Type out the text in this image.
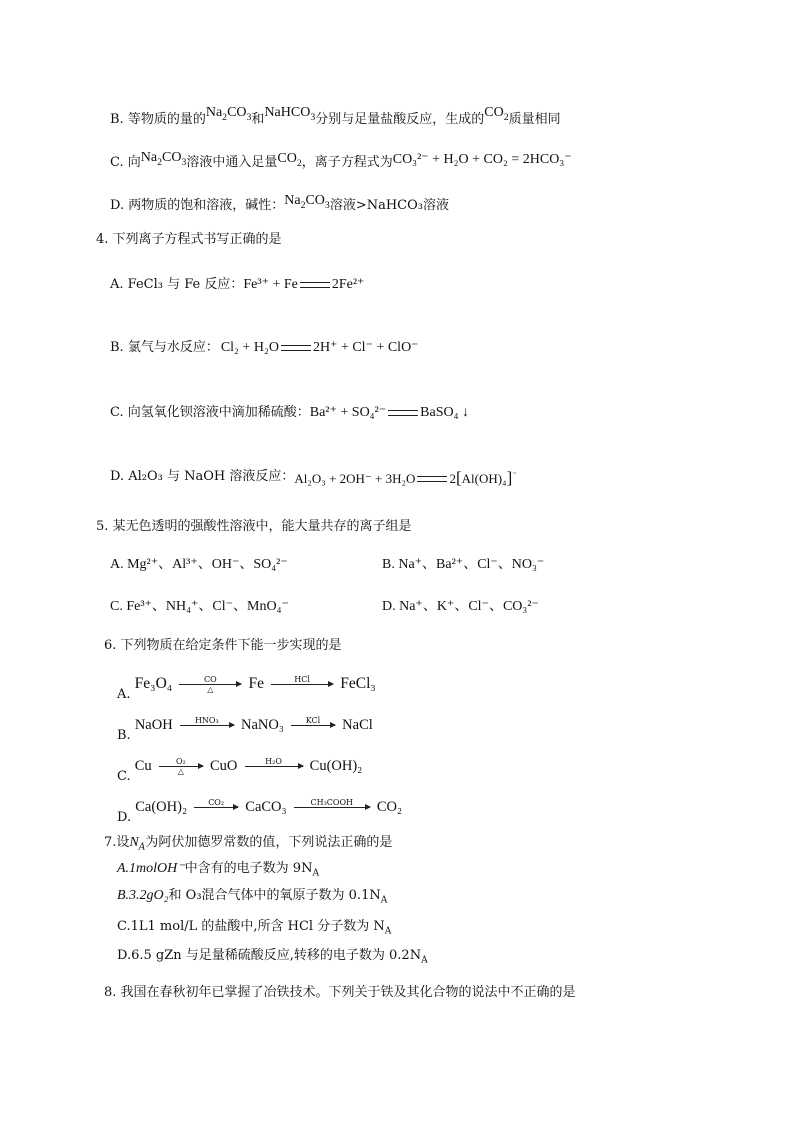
B. 等物质的量的$Na_2CO_3$和NaHCO$_3$分别与足量盐酸反应，生成的$CO_2$质量相同
C. 向$Na_2CO_3$溶液中通入足量$CO_2$，离子方程式为CO₃²⁻ + H₂O + CO₂ = 2HCO₃⁻
D. 两物质的饱和溶液，碱性：$Na_2CO_3$溶液>NaHCO₃溶液
4. 下列离子方程式书写正确的是
A. FeCl₃ 与 Fe 反应：Fe³⁺ + Fe 2Fe²⁺
B. 氯气与水反应： Cl₂ + H₂O 2H⁺ + Cl⁻ + ClO⁻
C. 向氢氧化钡溶液中滴加稀硫酸：Ba²⁺ + SO₄²⁻ BaSO₄ ↓
D. Al₂O₃ 与 NaOH 溶液反应：Al₂O₃ + 2OH⁻ + 3H₂O	2[Al(OH)₄]⁻
5. 某无色透明的强酸性溶液中，能大量共存的离子组是
A. Mg²⁺、Al³⁺、OH⁻、SO₄²⁻	B. Na⁺、Ba²⁺、Cl⁻、NO₃⁻
C. Fe³⁺、NH₄⁺、Cl⁻、MnO₄⁻	D. Na⁺、K⁺、Cl⁻、CO₃²⁻
6. 下列物质在给定条件下能一步实现的是
A. Fe₃O₄	CO
△	Fe	HCl
	FeCl₃
B. NaOH	HNO₃
	NaNO₃	KCl
	NaCl
C. Cu	O₂
△	CuO	H₂O
	Cu(OH)₂
D. Ca(OH)₂	CO₂
	CaCO₃	CH₃COOH
	CO₂
7.设$N_A$为阿伏加德罗常数的值，下列说法正确的是
A.1molOH⁻中含有的电子数为 $9N_A$
B.3.2gO₂和 O₃混合气体中的氧原子数为 $0.1N_A$
C.1L1 mol/L 的盐酸中,所含 HCl 分子数为 $N_A$
D.6.5 gZn 与足量稀硫酸反应,转移的电子数为 $0.2N_A$
8. 我国在春秋初年已掌握了冶铁技术。下列关于铁及其化合物的说法中不正确的是
